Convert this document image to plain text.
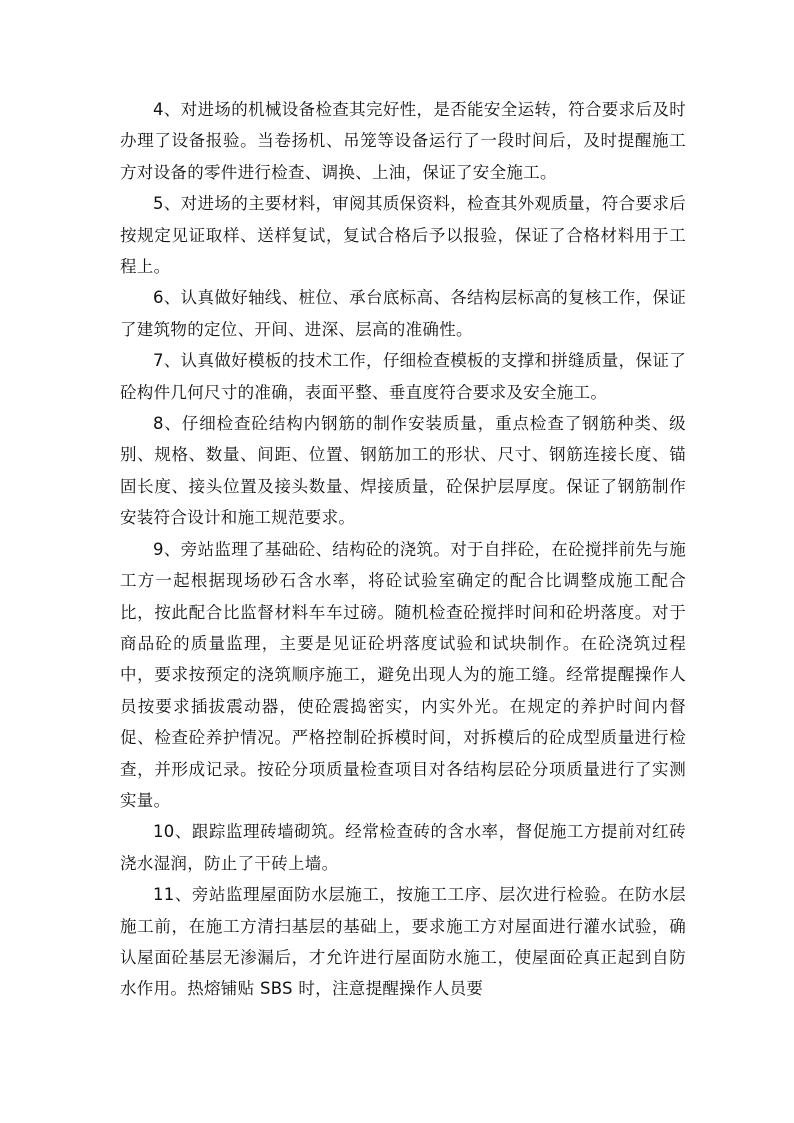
4、对进场的机械设备检查其完好性，是否能安全运转，符合要求后及时办理了设备报验。当卷扬机、吊笼等设备运行了一段时间后，及时提醒施工方对设备的零件进行检查、调换、上油，保证了安全施工。

5、对进场的主要材料，审阅其质保资料，检查其外观质量，符合要求后按规定见证取样、送样复试，复试合格后予以报验，保证了合格材料用于工程上。

6、认真做好轴线、桩位、承台底标高、各结构层标高的复核工作，保证了建筑物的定位、开间、进深、层高的准确性。

7、认真做好模板的技术工作，仔细检查模板的支撑和拼缝质量，保证了砼构件几何尺寸的准确，表面平整、垂直度符合要求及安全施工。

8、仔细检查砼结构内钢筋的制作安装质量，重点检查了钢筋种类、级别、规格、数量、间距、位置、钢筋加工的形状、尺寸、钢筋连接长度、锚固长度、接头位置及接头数量、焊接质量，砼保护层厚度。保证了钢筋制作安装符合设计和施工规范要求。

9、旁站监理了基础砼、结构砼的浇筑。对于自拌砼，在砼搅拌前先与施工方一起根据现场砂石含水率，将砼试验室确定的配合比调整成施工配合比，按此配合比监督材料车车过磅。随机检查砼搅拌时间和砼坍落度。对于商品砼的质量监理，主要是见证砼坍落度试验和试块制作。在砼浇筑过程中，要求按预定的浇筑顺序施工，避免出现人为的施工缝。经常提醒操作人员按要求插拔震动器，使砼震捣密实，内实外光。在规定的养护时间内督促、检查砼养护情况。严格控制砼拆模时间，对拆模后的砼成型质量进行检查，并形成记录。按砼分项质量检查项目对各结构层砼分项质量进行了实测实量。

10、跟踪监理砖墙砌筑。经常检查砖的含水率，督促施工方提前对红砖浇水湿润，防止了干砖上墙。

11、旁站监理屋面防水层施工，按施工工序、层次进行检验。在防水层施工前，在施工方清扫基层的基础上，要求施工方对屋面进行灌水试验，确认屋面砼基层无渗漏后，才允许进行屋面防水施工，使屋面砼真正起到自防水作用。热熔铺贴 SBS 时，注意提醒操作人员要
